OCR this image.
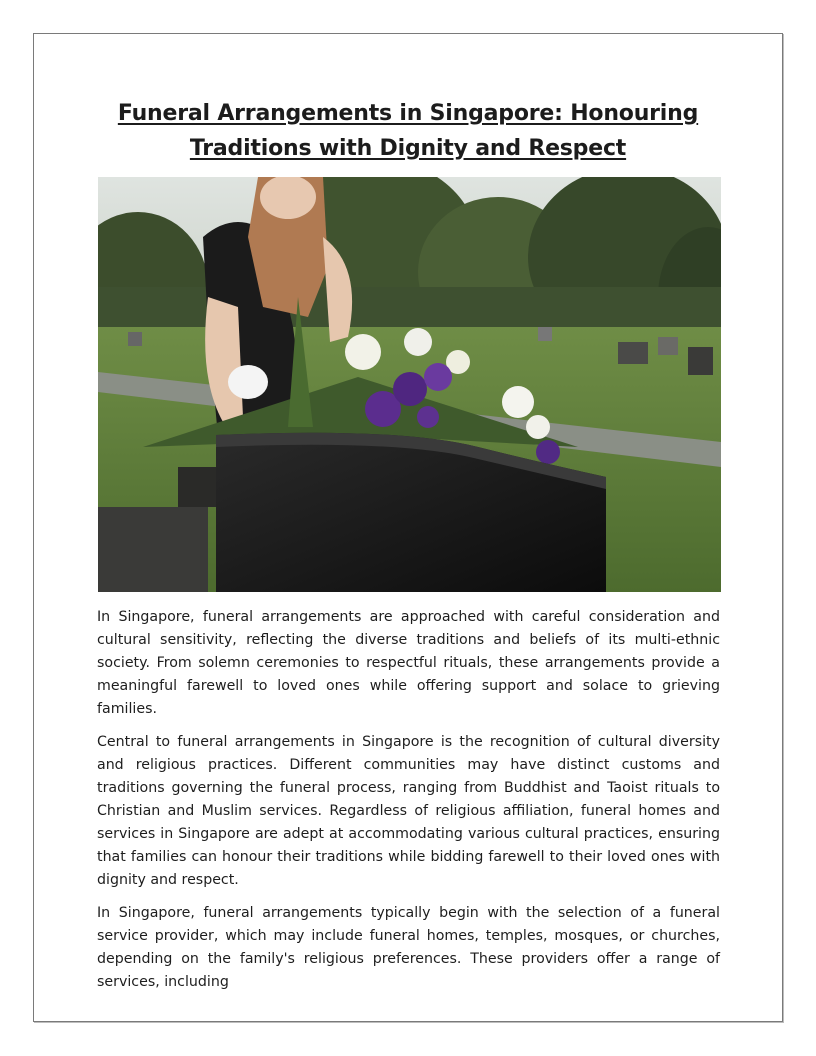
Funeral Arrangements in Singapore: Honouring Traditions with Dignity and Respect

In Singapore, funeral arrangements are approached with careful consideration and cultural sensitivity, reflecting the diverse traditions and beliefs of its multi-ethnic society. From solemn ceremonies to respectful rituals, these arrangements provide a meaningful farewell to loved ones while offering support and solace to grieving families.

Central to funeral arrangements in Singapore is the recognition of cultural diversity and religious practices. Different communities may have distinct customs and traditions governing the funeral process, ranging from Buddhist and Taoist rituals to Christian and Muslim services. Regardless of religious affiliation, funeral homes and services in Singapore are adept at accommodating various cultural practices, ensuring that families can honour their traditions while bidding farewell to their loved ones with dignity and respect.

In Singapore, funeral arrangements typically begin with the selection of a funeral service provider, which may include funeral homes, temples, mosques, or churches, depending on the family's religious preferences. These providers offer a range of services, including
